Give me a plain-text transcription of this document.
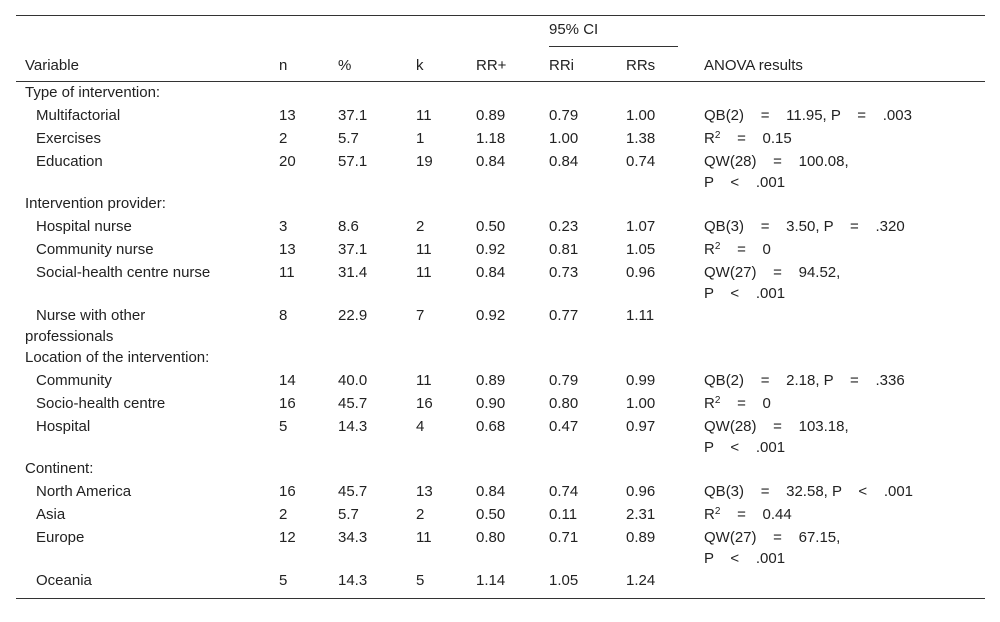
					95% CI		

Variable	n	%	k	RR+	RRi	RRs	ANOVA results
Type of intervention:							
Multifactorial	13	37.1	11	0.89	0.79	1.00	QB(2)    =    11.95, P    =    .003
Exercises	2	5.7	1	1.18	1.00	1.38	$R^2$    =    0.15
Education	20	57.1	19	0.84	0.84	0.74	QW(28)    =    100.08,
P    <    .001
Intervention provider:							
Hospital nurse	3	8.6	2	0.50	0.23	1.07	QB(3)    =    3.50, P    =    .320
Community nurse	13	37.1	11	0.92	0.81	1.05	$R^2$    =    0
Social-health centre nurse	11	31.4	11	0.84	0.73	0.96	QW(27)    =    94.52,
P    <    .001

Nurse with other
professionals	8	22.9	7	0.92	0.77	1.11	
Location of the intervention:							
Community	14	40.0	11	0.89	0.79	0.99	QB(2)    =    2.18, P    =    .336
Socio-health centre	16	45.7	16	0.90	0.80	1.00	$R^2$    =    0
Hospital	5	14.3	4	0.68	0.47	0.97	QW(28)    =    103.18,
P    <    .001
Continent:							
North America	16	45.7	13	0.84	0.74	0.96	QB(3)    =    32.58, P    <    .001
Asia	2	5.7	2	0.50	0.11	2.31	$R^2$    =    0.44
Europe	12	34.3	11	0.80	0.71	0.89	QW(27)    =    67.15,
P    <    .001
Oceania	5	14.3	5	1.14	1.05	1.24	
